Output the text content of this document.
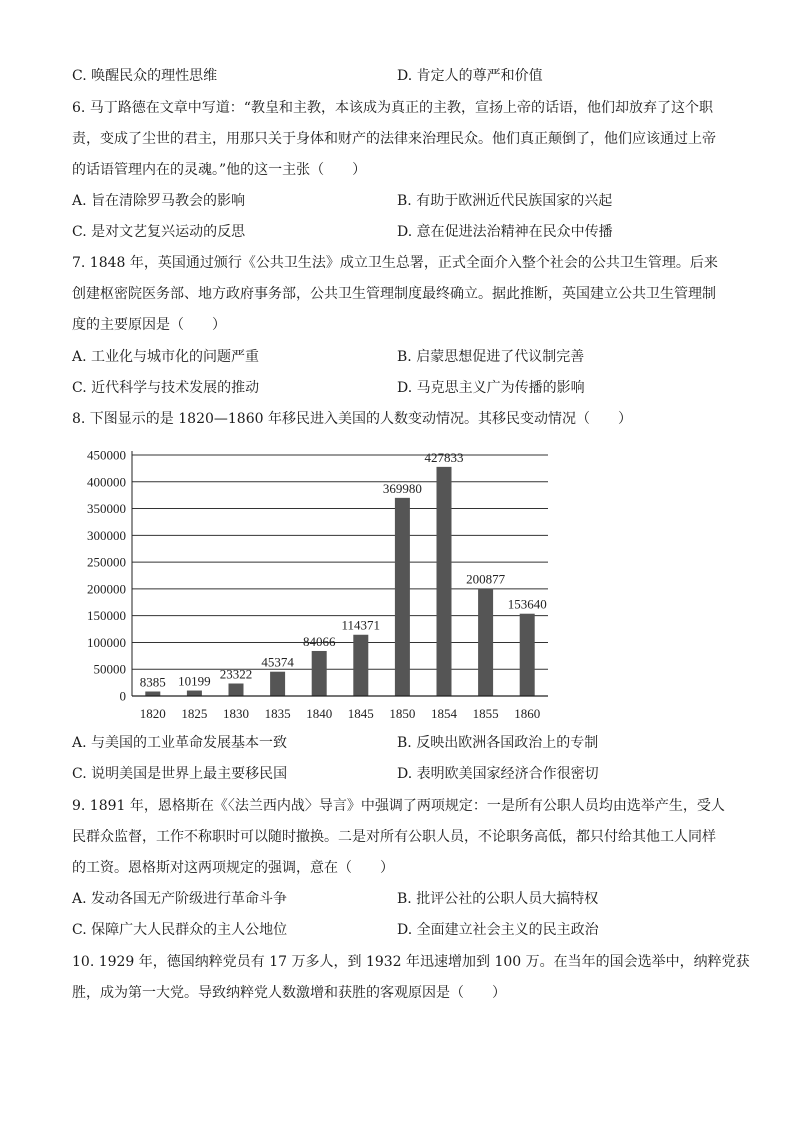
C. 唤醒民众的理性思维	D. 肯定人的尊严和价值
6. 马丁路德在文章中写道：“教皇和主教，本该成为真正的主教，宣扬上帝的话语，他们却放弃了这个职
责，变成了尘世的君主，用那只关于身体和财产的法律来治理民众。他们真正颠倒了，他们应该通过上帝
的话语管理内在的灵魂。”他的这一主张（　　）
A. 旨在清除罗马教会的影响	B. 有助于欧洲近代民族国家的兴起
C. 是对文艺复兴运动的反思	D. 意在促进法治精神在民众中传播
7. 1848 年，英国通过颁行《公共卫生法》成立卫生总署，正式全面介入整个社会的公共卫生管理。后来
创建枢密院医务部、地方政府事务部，公共卫生管理制度最终确立。据此推断，英国建立公共卫生管理制
度的主要原因是（　　）
A. 工业化与城市化的问题严重	B. 启蒙思想促进了代议制完善
C. 近代科学与技术发展的推动	D. 马克思主义广为传播的影响
8. 下图显示的是 1820—1860 年移民进入美国的人数变动情况。其移民变动情况（　　）
8385 10199 23322
45374
84066
114371
369980
427833
200877
153640
0
50000
100000
150000
200000
250000
300000
350000
400000
450000
1820 1825 1830 1835 1840 1845 1850 1854 1855 1860
A. 与美国的工业革命发展基本一致	B. 反映出欧洲各国政治上的专制
C. 说明美国是世界上最主要移民国	D. 表明欧美国家经济合作很密切
9. 1891 年，恩格斯在《〈法兰西内战〉导言》中强调了两项规定：一是所有公职人员均由选举产生，受人
民群众监督，工作不称职时可以随时撤换。二是对所有公职人员，不论职务高低，都只付给其他工人同样
的工资。恩格斯对这两项规定的强调，意在（　　）
A. 发动各国无产阶级进行革命斗争	B. 批评公社的公职人员大搞特权
C. 保障广大人民群众的主人公地位	D. 全面建立社会主义的民主政治
10. 1929 年，德国纳粹党员有 17 万多人，到 1932 年迅速增加到 100 万。在当年的国会选举中，纳粹党获
胜，成为第一大党。导致纳粹党人数激增和获胜的客观原因是（　　）
